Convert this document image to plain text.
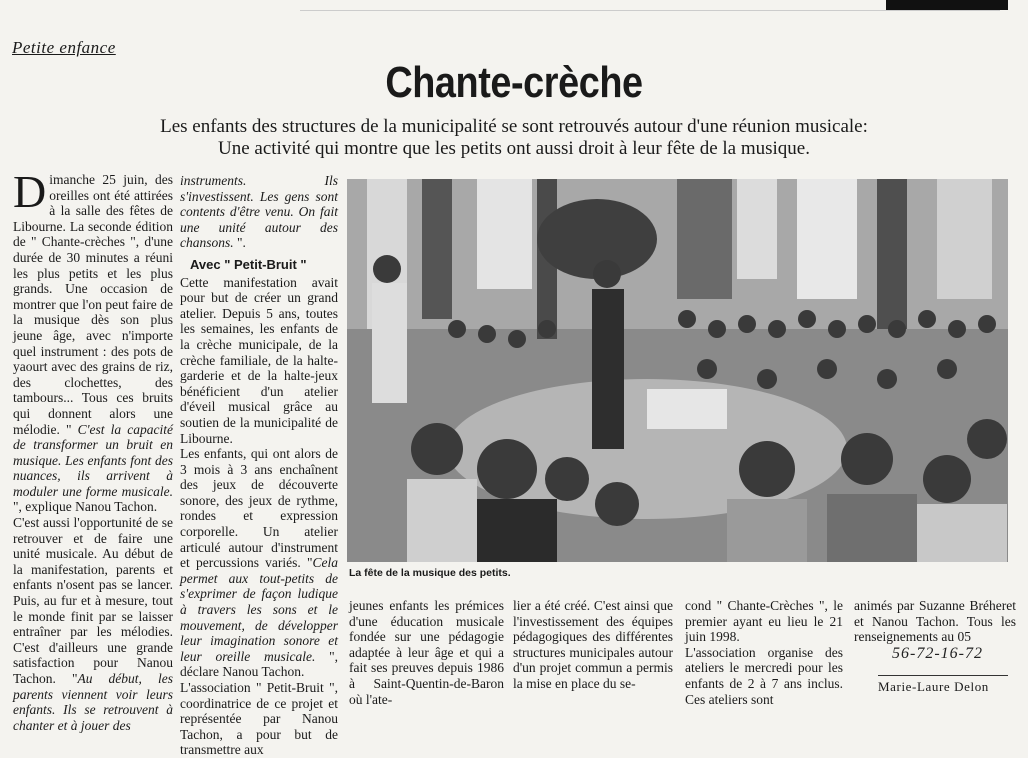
Petite enfance
Chante-crèche
Les enfants des structures de la municipalité se sont retrouvés autour d'une réunion musicale:
Une activité qui montre que les petits ont aussi droit à leur fête de la musique.

Dimanche 25 juin, des oreilles ont été attirées à la salle des fêtes de Libourne. La seconde édition de " Chante-crèches ", d'une durée de 30 minutes a réuni les plus petits et les plus grands. Une occasion de montrer que l'on peut faire de la musique dès son plus jeune âge, avec n'importe quel instrument : des pots de yaourt avec des grains de riz, des clochettes, des tambours... Tous ces bruits qui donnent alors une mélodie. " C'est la capacité de transformer un bruit en musique. Les enfants font des nuances, ils arrivent à moduler une forme musicale. ", explique Nanou Tachon.

C'est aussi l'opportunité de se retrouver et de faire une unité musicale. Au début de la manifestation, parents et enfants n'osent pas se lancer. Puis, au fur et à mesure, tout le monde finit par se laisser entraîner par les mélodies. C'est d'ailleurs une grande satisfaction pour Nanou Tachon. "Au début, les parents viennent voir leurs enfants. Ils se retrouvent à chanter et à jouer des

instruments. Ils s'investissent. Les gens sont contents d'être venu. On fait une unité autour des chansons. ".

Avec " Petit-Bruit "

Cette manifestation avait pour but de créer un grand atelier. Depuis 5 ans, toutes les semaines, les enfants de la crèche municipale, de la crèche familiale, de la halte-garderie et de la halte-jeux bénéficient d'un atelier d'éveil musical grâce au soutien de la municipalité de Libourne.

Les enfants, qui ont alors de 3 mois à 3 ans enchaînent des jeux de découverte sonore, des jeux de rythme, rondes et expression corporelle. Un atelier articulé autour d'instrument et percussions variés. "Cela permet aux tout-petits de s'exprimer de façon ludique à travers les sons et le mouvement, de développer leur imagination sonore et leur oreille musicale. ", déclare Nanou Tachon.

L'association " Petit-Bruit ", coordinatrice de ce projet et représentée par Nanou Tachon, a pour but de transmettre aux

La fête de la musique des petits.

jeunes enfants les prémices d'une éducation musicale fondée sur une pédagogie adaptée à leur âge et qui a fait ses preuves depuis 1986 à Saint-Quentin-de-Baron où l'ate-

lier a été créé. C'est ainsi que l'investissement des équipes pédagogiques des différentes structures municipales autour d'un projet commun a permis la mise en place du se-

cond " Chante-Crèches ", le premier ayant eu lieu le 21 juin 1998.

L'association organise des ateliers le mercredi pour les enfants de 2 à 7 ans inclus. Ces ateliers sont

animés par Suzanne Bréheret et Nanou Tachon. Tous les renseignements au 05

56-72-16-72
Marie-Laure Delon
